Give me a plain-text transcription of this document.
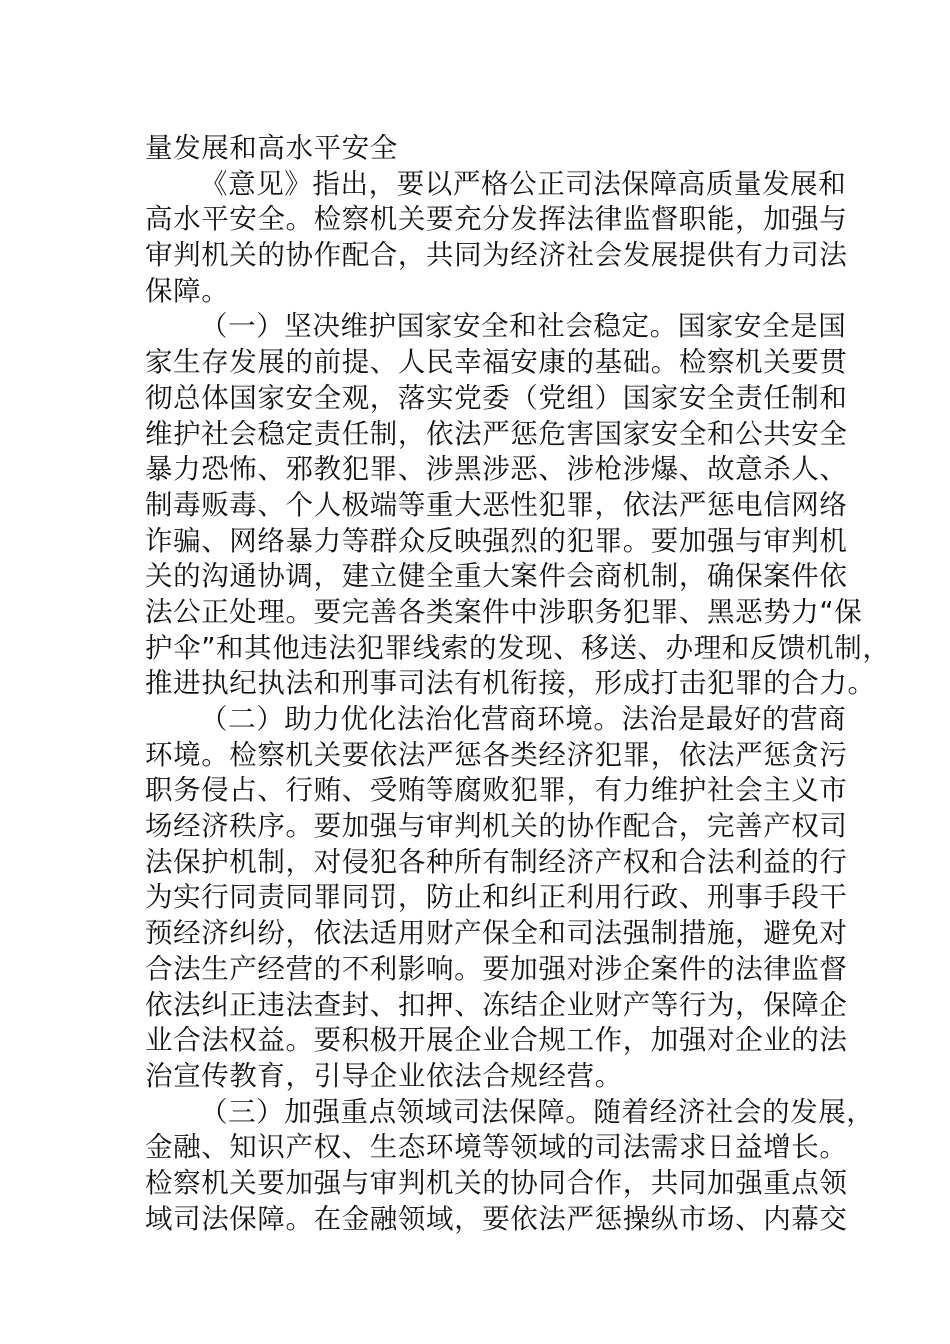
量发展和高水平安全
《意见》指出，要以严格公正司法保障高质量发展和
高水平安全。检察机关要充分发挥法律监督职能，加强与
审判机关的协作配合，共同为经济社会发展提供有力司法
保障。
（一）坚决维护国家安全和社会稳定。国家安全是国
家生存发展的前提、人民幸福安康的基础。检察机关要贯
彻总体国家安全观，落实党委（党组）国家安全责任制和
维护社会稳定责任制，依法严惩危害国家安全和公共安全
暴力恐怖、邪教犯罪、涉黑涉恶、涉枪涉爆、故意杀人、
制毒贩毒、个人极端等重大恶性犯罪，依法严惩电信网络
诈骗、网络暴力等群众反映强烈的犯罪。要加强与审判机
关的沟通协调，建立健全重大案件会商机制，确保案件依
法公正处理。要完善各类案件中涉职务犯罪、黑恶势力“保
护伞”和其他违法犯罪线索的发现、移送、办理和反馈机制，
推进执纪执法和刑事司法有机衔接，形成打击犯罪的合力。
（二）助力优化法治化营商环境。法治是最好的营商
环境。检察机关要依法严惩各类经济犯罪，依法严惩贪污
职务侵占、行贿、受贿等腐败犯罪，有力维护社会主义市
场经济秩序。要加强与审判机关的协作配合，完善产权司
法保护机制，对侵犯各种所有制经济产权和合法利益的行
为实行同责同罪同罚，防止和纠正利用行政、刑事手段干
预经济纠纷，依法适用财产保全和司法强制措施，避免对
合法生产经营的不利影响。要加强对涉企案件的法律监督
依法纠正违法查封、扣押、冻结企业财产等行为，保障企
业合法权益。要积极开展企业合规工作，加强对企业的法
治宣传教育，引导企业依法合规经营。
（三）加强重点领域司法保障。随着经济社会的发展，
金融、知识产权、生态环境等领域的司法需求日益增长。
检察机关要加强与审判机关的协同合作，共同加强重点领
域司法保障。在金融领域，要依法严惩操纵市场、内幕交
